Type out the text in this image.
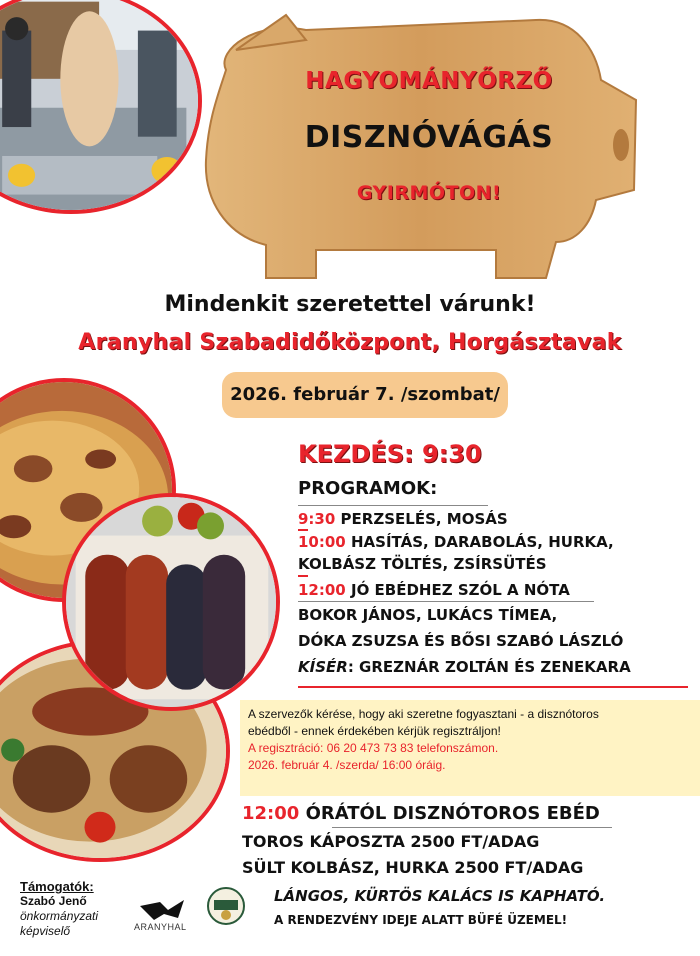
HAGYOMÁNYŐRZŐ
DISZNÓVÁGÁS
GYIRMÓTON!
Mindenkit szeretettel várunk!
Aranyhal Szabadidőközpont, Horgásztavak
2026. február 7. /szombat/
KEZDÉS: 9:30
PROGRAMOK:
9:30 PERZSELÉS, MOSÁS
10:00 HASÍTÁS, DARABOLÁS, HURKA,
KOLBÁSZ TÖLTÉS, ZSÍRSÜTÉS
12:00 JÓ EBÉDHEZ SZÓL A NÓTA
BOKOR JÁNOS, LUKÁCS TÍMEA,
DÓKA ZSUZSA ÉS BŐSI SZABÓ LÁSZLÓ
KÍSÉR: GREZNÁR ZOLTÁN ÉS ZENEKARA
A szervezők kérése, hogy aki szeretne fogyasztani - a disznótoros
ebédből - ennek érdekében kérjük regisztráljon!
A regisztráció: 06 20 473 73 83 telefonszámon.
2026. február 4. /szerda/ 16:00 óráig.
12:00 ÓRÁTÓL DISZNÓTOROS EBÉD
TOROS KÁPOSZTA 2500 FT/ADAG
SÜLT KOLBÁSZ, HURKA 2500 FT/ADAG
LÁNGOS, KÜRTÖS KALÁCS IS KAPHATÓ.
A RENDEZVÉNY IDEJE ALATT BÜFÉ ÜZEMEL!
Támogatók:
Szabó Jenő
önkormányzati
képviselő	ARANYHAL
